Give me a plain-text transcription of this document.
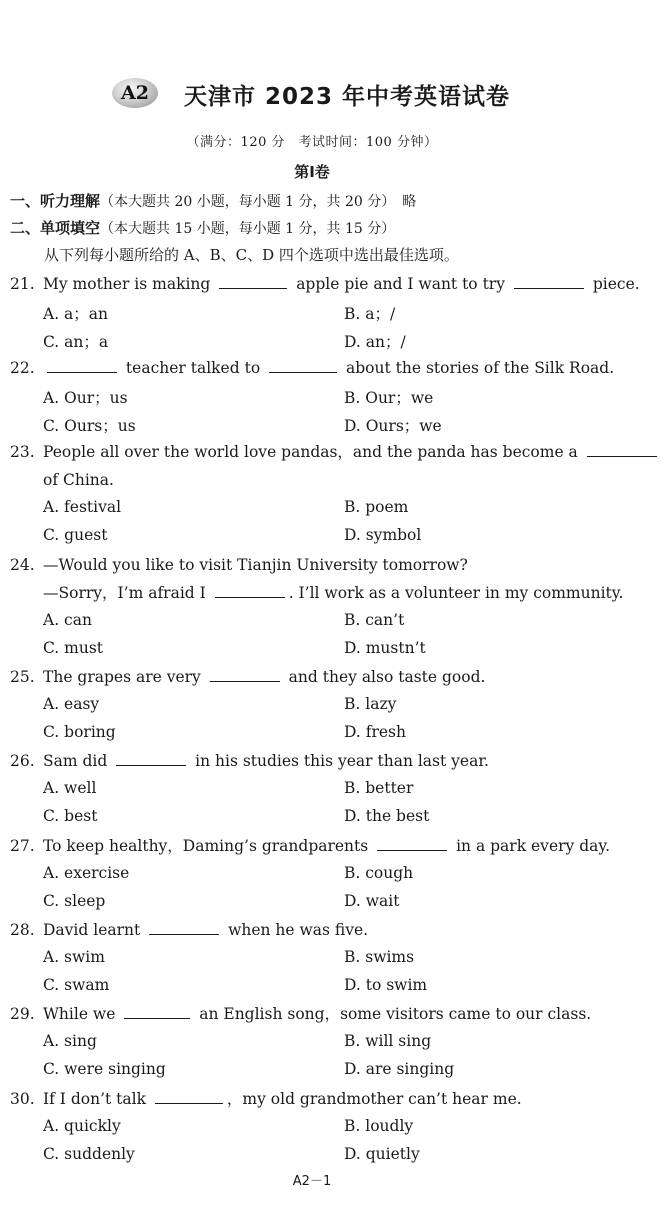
A2	天津市 2023 年中考英语试卷
（满分：120 分　考试时间：100 分钟）
第Ⅰ卷
一、听力理解（本大题共 20 小题，每小题 1 分，共 20 分）　略
二、单项填空（本大题共 15 小题，每小题 1 分，共 15 分）
从下列每小题所给的 A、B、C、D 四个选项中选出最佳选项。
21. My mother is making	apple pie and I want to try	piece.
A. a；an	B. a；/
C. an；a	D. an；/
22.	teacher talked to	about the stories of the Silk Road.
A. Our；us	B. Our；we
C. Ours；us	D. Ours；we
23. People all over the world love pandas，and the panda has become a
of China.
A. festival	B. poem
C. guest	D. symbol
24. —Would you like to visit Tianjin University tomorrow?
—Sorry，I’m afraid I	. I’ll work as a volunteer in my community.
A. can	B. can’t
C. must	D. mustn’t
25. The grapes are very	and they also taste good.
A. easy	B. lazy
C. boring	D. fresh
26. Sam did	in his studies this year than last year.
A. well	B. better
C. best	D. the best
27. To keep healthy，Daming’s grandparents	in a park every day.
A. exercise	B. cough
C. sleep	D. wait
28. David learnt	when he was five.
A. swim	B. swims
C. swam	D. to swim
29. While we	an English song，some visitors came to our class.
A. sing	B. will sing
C. were singing	D. are singing
30. If I don’t talk	，my old grandmother can’t hear me.
A. quickly	B. loudly
C. suddenly	D. quietly
A2－1
